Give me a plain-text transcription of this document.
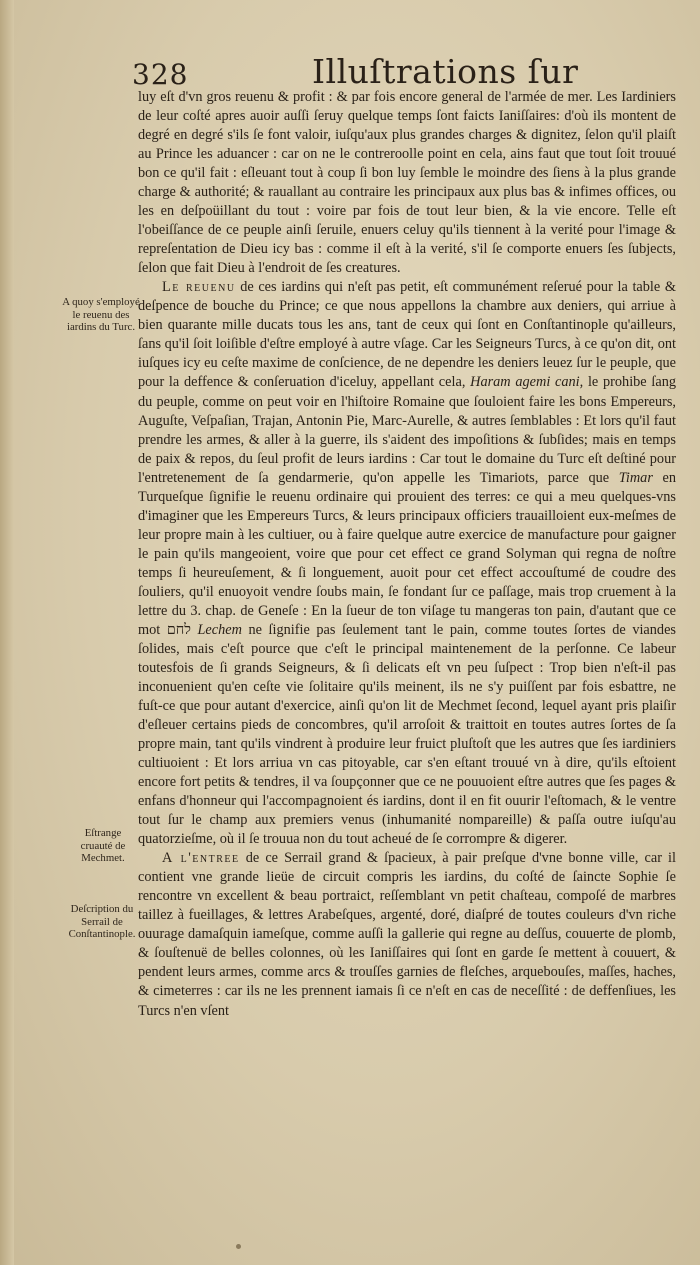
328	Illuſtrations ſur
A quoy s'employé le reuenu des iardins du Turc.
Eſtrange cruauté de Mechmet.
Deſcription du Serrail de Conſtantinople.

luy eſt d'vn gros reuenu & profit : & par fois encore general de l'armée de mer. Les Iardiniers de leur coſté apres auoir auſſi ſeruy quelque temps ſont faicts Ianiſſaires: d'où ils montent de degré en degré s'ils ſe font valoir, iuſqu'aux plus grandes charges & dignitez, ſelon qu'il plaiſt au Prince les aduancer : car on ne le contreroolle point en cela, ains faut que tout ſoit trouué bon ce qu'il fait : eſleuant tout à coup ſi bon luy ſemble le moindre des ſiens à la plus grande charge & authorité; & rauallant au contraire les principaux aux plus bas & infimes offices, ou les en deſpoüillant du tout : voire par fois de tout leur bien, & la vie encore. Telle eſt l'obeiſſance de ce peuple ainſi ſeruile, enuers celuy qu'ils tiennent à la verité pour l'image & repreſentation de Dieu icy bas : comme il eſt à la verité, s'il ſe comporte enuers ſes ſubjects, ſelon que fait Dieu à l'endroit de ſes creatures.

Le reuenu de ces iardins qui n'eſt pas petit, eſt communément reſerué pour la table & deſpence de bouche du Prince; ce que nous appellons la chambre aux deniers, qui arriue à bien quarante mille ducats tous les ans, tant de ceux qui ſont en Conſtantinople qu'ailleurs, ſans qu'il ſoit loiſible d'eſtre employé à autre vſage. Car les Seigneurs Turcs, à ce qu'on dit, ont iuſques icy eu ceſte maxime de conſcience, de ne dependre les deniers leuez ſur le peuple, que pour la deffence & conſeruation d'iceluy, appellant cela, Haram agemi cani, le prohibe ſang du peuple, comme on peut voir en l'hiſtoire Romaine que ſouloient faire les bons Empereurs, Auguſte, Veſpaſian, Trajan, Antonin Pie, Marc-Aurelle, & autres ſemblables : Et lors qu'il faut prendre les armes, & aller à la guerre, ils s'aident des impoſitions & ſubſides; mais en temps de paix & repos, du ſeul profit de leurs iardins : Car tout le domaine du Turc eſt deſtiné pour l'entretenement de ſa gendarmerie, qu'on appelle les Timariots, parce que Timar en Turqueſque ſignifie le reuenu ordinaire qui prouient des terres: ce qui a meu quelques-vns d'imaginer que les Empereurs Turcs, & leurs principaux officiers trauailloient eux-meſmes de leur propre main à les cultiuer, ou à faire quelque autre exercice de manufacture pour gaigner le pain qu'ils mangeoient, voire que pour cet effect ce grand Solyman qui regna de noſtre temps ſi heureuſement, & ſi longuement, auoit pour cet effect accouſtumé de coudre des ſouliers, qu'il enuoyoit vendre ſoubs main, ſe fondant ſur ce paſſage, mais trop cruement à la lettre du 3. chap. de Geneſe : En la ſueur de ton viſage tu mangeras ton pain, d'autant que ce mot לחם Lechem ne ſignifie pas ſeulement tant le pain, comme toutes ſortes de viandes ſolides, mais c'eſt pource que c'eſt le principal maintenement de la perſonne. Ce labeur toutesfois de ſi grands Seigneurs, & ſi delicats eſt vn peu ſuſpect : Trop bien n'eſt-il pas inconuenient qu'en ceſte vie ſolitaire qu'ils meinent, ils ne s'y puiſſent par fois esbattre, ne fuſt-ce que pour autant d'exercice, ainſi qu'on lit de Mechmet ſecond, lequel ayant pris plaiſir d'eſleuer certains pieds de concombres, qu'il arroſoit & traittoit en toutes autres ſortes de ſa propre main, tant qu'ils vindrent à produire leur fruict pluſtoſt que les autres que ſes iardiniers cultiuoient : Et lors arriua vn cas pitoyable, car s'en eſtant trouué vn à dire, qu'ils eſtoient encore fort petits & tendres, il va ſoupçonner que ce ne pouuoient eſtre autres que ſes pages & enfans d'honneur qui l'accompagnoient és iardins, dont il en fit ouurir l'eſtomach, & le ventre tout ſur le champ aux premiers venus (inhumanité nompareille) & paſſa outre iuſqu'au quatorzieſme, où il ſe trouua non du tout acheué de ſe corrompre & digerer.

A l'entree de ce Serrail grand & ſpacieux, à pair preſque d'vne bonne ville, car il contient vne grande lieüe de circuit compris les iardins, du coſté de ſaincte Sophie ſe rencontre vn excellent & beau portraict, reſſemblant vn petit chaſteau, compoſé de marbres taillez à fueillages, & lettres Arabeſques, argenté, doré, diaſpré de toutes couleurs d'vn riche ouurage damaſquin iameſque, comme auſſi la gallerie qui regne au deſſus, couuerte de plomb, & ſouſtenuë de belles colonnes, où les Ianiſſaires qui ſont en garde ſe mettent à couuert, & pendent leurs armes, comme arcs & trouſſes garnies de fleſches, arquebouſes, maſſes, haches, & cimeterres : car ils ne les prennent iamais ſi ce n'eſt en cas de neceſſité : de deffenſiues, les Turcs n'en vſent
